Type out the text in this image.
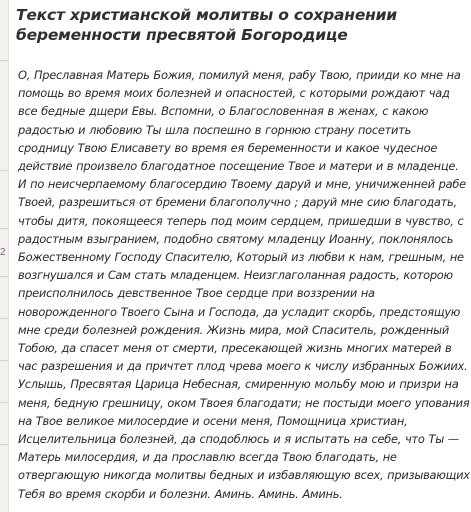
2
Текст христианской молитвы о сохранении беременности пресвятой Богородице

О, Преславная Матерь Божия, помилуй меня, рабу Твою, прииди ко мне на помощь во время моих болезней и опасностей, с которыми рождают чад все бедные дщери Евы. Вспомни, о Благословенная в женах, с какою радостью и любовию Ты шла поспешно в горнюю страну посетить сродницу Твою Елисавету во время ея беременности и какое чудесное действие произвело благодатное посещение Твое и матери и в младенце. И по неисчерпаемому благосердию Твоему даруй и мне, уничиженней рабе Твоей, разрешиться от бремени благополучно ; даруй мне сию благодать, чтобы дитя, покоящееся теперь под моим сердцем, пришедши в чувство, с радостным взыгранием, подобно святому младенцу Иоанну, поклонялось Божественному Господу Спасителю, Который из любви к нам, грешным, не возгнушался и Сам стать младенцем. Неизглаголанная радость, которою преисполнилось девственное Твое сердце при воззрении на новорожденного Твоего Сына и Господа, да усладит скорбь, предстоящую мне среди болезней рождения. Жизнь мира, мой Спаситель, рожденный Тобою, да спасет меня от смерти, пресекающей жизнь многих матерей в час разрешения и да причтет плод чрева моего к числу избранных Божиих. Услышь, Пресвятая Царица Небесная, смиренную мольбу мою и призри на меня, бедную грешницу, оком Твоея благодати; не постыди моего упования на Твое великое милосердие и осени меня, Помощница христиан, Исцелительница болезней, да сподоблюсь и я испытать на себе, что Ты — Матерь милосердия, и да прославлю всегда Твою благодать, не отвергающую никогда молитвы бедных и избавляющую всех, призывающих Тебя во время скорби и болезни. Аминь. Аминь. Аминь.
